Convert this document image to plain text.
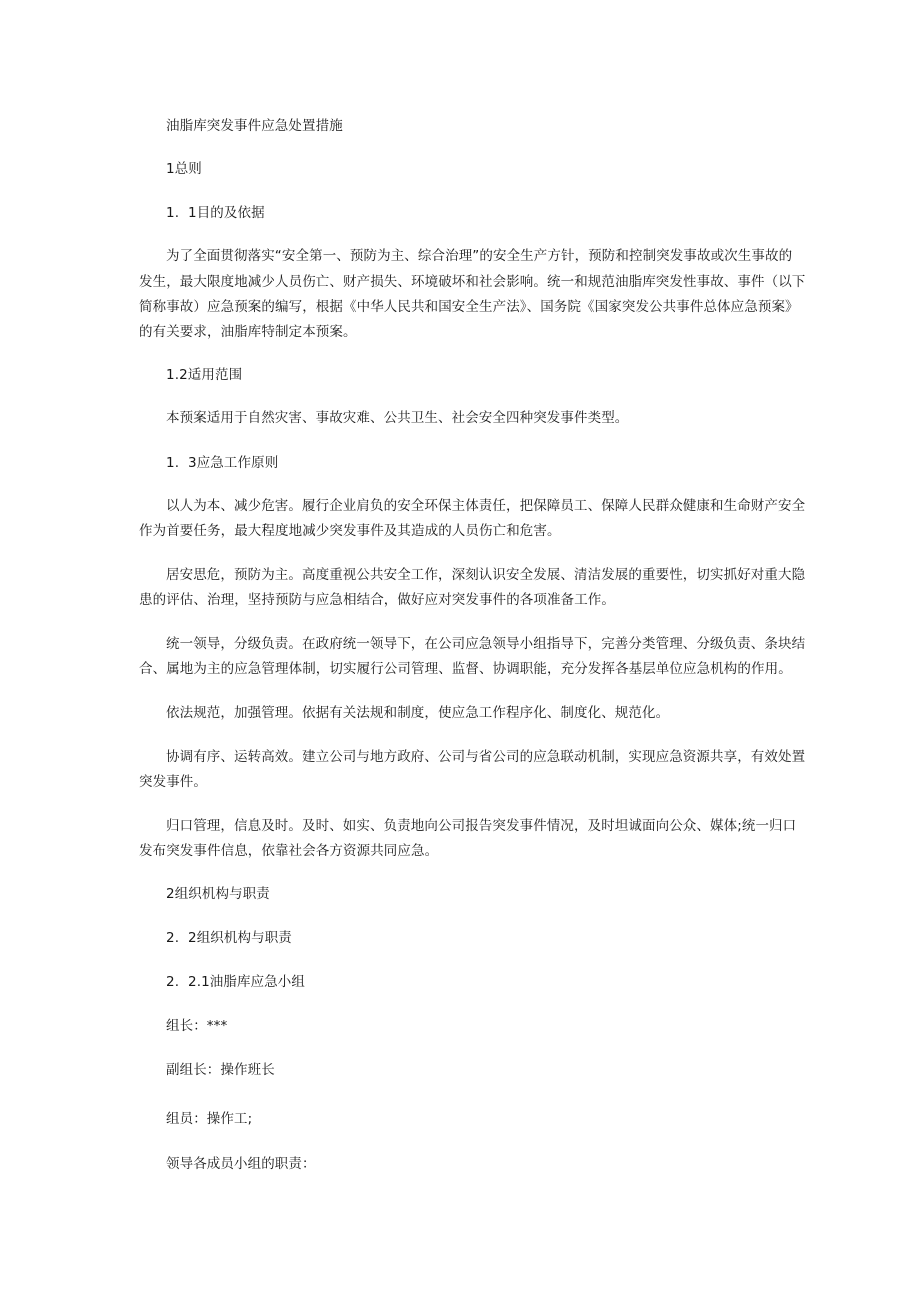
油脂库突发事件应急处置措施
1总则
1. 1目的及依据
为了全面贯彻落实“安全第一、预防为主、综合治理”的安全生产方针，预防和控制突发事故或次生事故的
发生，最大限度地减少人员伤亡、财产损失、环境破坏和社会影响。统一和规范油脂库突发性事故、事件（以下
简称事故）应急预案的编写，根据《中华人民共和国安全生产法》、国务院《国家突发公共事件总体应急预案》
的有关要求，油脂库特制定本预案。
1.2适用范围
本预案适用于自然灾害、事故灾难、公共卫生、社会安全四种突发事件类型。
1. 3应急工作原则
以人为本、减少危害。履行企业肩负的安全环保主体责任，把保障员工、保障人民群众健康和生命财产安全
作为首要任务，最大程度地减少突发事件及其造成的人员伤亡和危害。
居安思危，预防为主。高度重视公共安全工作，深刻认识安全发展、清洁发展的重要性，切实抓好对重大隐
患的评估、治理，坚持预防与应急相结合，做好应对突发事件的各项准备工作。
统一领导，分级负责。在政府统一领导下，在公司应急领导小组指导下，完善分类管理、分级负责、条块结
合、属地为主的应急管理体制，切实履行公司管理、监督、协调职能，充分发挥各基层单位应急机构的作用。
依法规范，加强管理。依据有关法规和制度，使应急工作程序化、制度化、规范化。
协调有序、运转高效。建立公司与地方政府、公司与省公司的应急联动机制，实现应急资源共享，有效处置
突发事件。
归口管理，信息及时。及时、如实、负责地向公司报告突发事件情况，及时坦诚面向公众、媒体;统一归口
发布突发事件信息，依靠社会各方资源共同应急。
2组织机构与职责
2. 2组织机构与职责
2. 2.1油脂库应急小组
组长：***
副组长：操作班长
组员：操作工;
领导各成员小组的职责：
